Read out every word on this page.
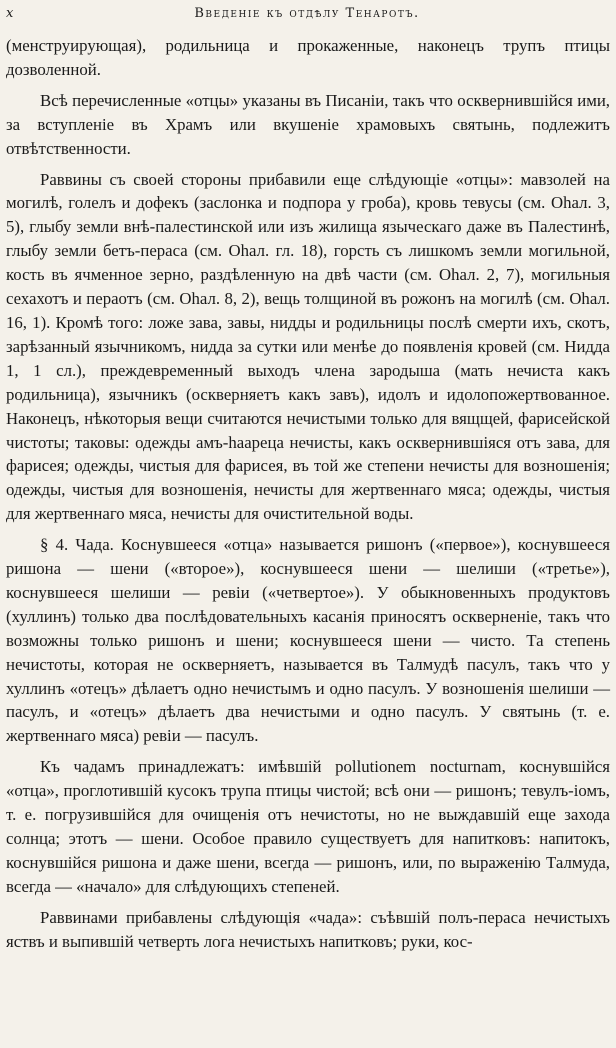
x	Введенiе къ отдѣлу Теhаротъ.

(менструирующая), родильница и прокаженные, наконецъ трупъ птицы дозволенной.

Всѣ перечисленные «отцы» указаны въ Писанiи, такъ что осквернившiйся ими, за вступленiе въ Храмъ или вкушенiе храмовыхъ святынь, подлежитъ отвѣтственности.

Раввины съ своей стороны прибавили еще слѣдующiе «отцы»: мавзолей на могилѣ, голелъ и дофекъ (заслонка и подпора у гроба), кровь тевусы (см. Оhал. 3, 5), глыбу земли внѣ-палестинской или изъ жилища языческаго даже въ Палестинѣ, глыбу земли бетъ-пераса (см. Оhал. гл. 18), горсть съ лишкомъ земли могильной, кость въ ячменное зерно, раздѣленную на двѣ части (см. Оhал. 2, 7), могильныя сехахотъ и пераотъ (см. Оhал. 8, 2), вещь толщиной въ рожонъ на могилѣ (см. Оhал. 16, 1). Кромѣ того: ложе зава, завы, нидды и родильницы послѣ смерти ихъ, скотъ, зарѣзанный язычникомъ, нидда за сутки или менѣе до появленiя кровей (см. Нидда 1, 1 сл.), преждевременный выходъ члена зародыша (мать нечиста какъ родильница), язычникъ (оскверняетъ какъ завъ), идолъ и идолопожертвованное. Наконецъ, нѣкоторыя вещи считаются нечистыми только для вящщей, фарисейской чистоты; таковы: одежды амъ-hаареца нечисты, какъ осквернившiяся отъ зава, для фарисея; одежды, чистыя для фарисея, въ той же степени нечисты для возношенiя; одежды, чистыя для возношенiя, нечисты для жертвеннаго мяса; одежды, чистыя для жертвеннаго мяса, нечисты для очистительной воды.

§ 4. Чада. Коснувшееся «отца» называется ришонъ («первое»), коснувшееся ришона — шени («второе»), коснувшееся шени — шелиши («третье»), коснувшееся шелиши — ревiи («четвертое»). У обыкновенныхъ продуктовъ (хуллинъ) только два послѣдовательныхъ касанiя приносятъ оскверненiе, такъ что возможны только ришонъ и шени; коснувшееся шени — чисто. Та степень нечистоты, которая не оскверняетъ, называется въ Талмудѣ пасулъ, такъ что у хуллинъ «отецъ» дѣлаетъ одно нечистымъ и одно пасулъ. У возношенiя шелиши — пасулъ, и «отецъ» дѣлаетъ два нечистыми и одно пасулъ. У святынь (т. е. жертвеннаго мяса) ревiи — пасулъ.

Къ чадамъ принадлежатъ: имѣвшiй pollutionem nocturnam, коснувшiйся «отца», проглотившiй кусокъ трупа птицы чистой; всѣ они — ришонъ; тевулъ-iомъ, т. е. погрузившiйся для очищенiя отъ нечистоты, но не выждавшiй еще захода солнца; этотъ — шени. Особое правило существуетъ для напитковъ: напитокъ, коснувшiйся ришона и даже шени, всегда — ришонъ, или, по выраженiю Талмуда, всегда — «начало» для слѣдующихъ степеней.

Раввинами прибавлены слѣдующiя «чада»: съѣвшiй полъ-пераса нечистыхъ яствъ и выпившiй четверть лога нечистыхъ напитковъ; руки, кос-
